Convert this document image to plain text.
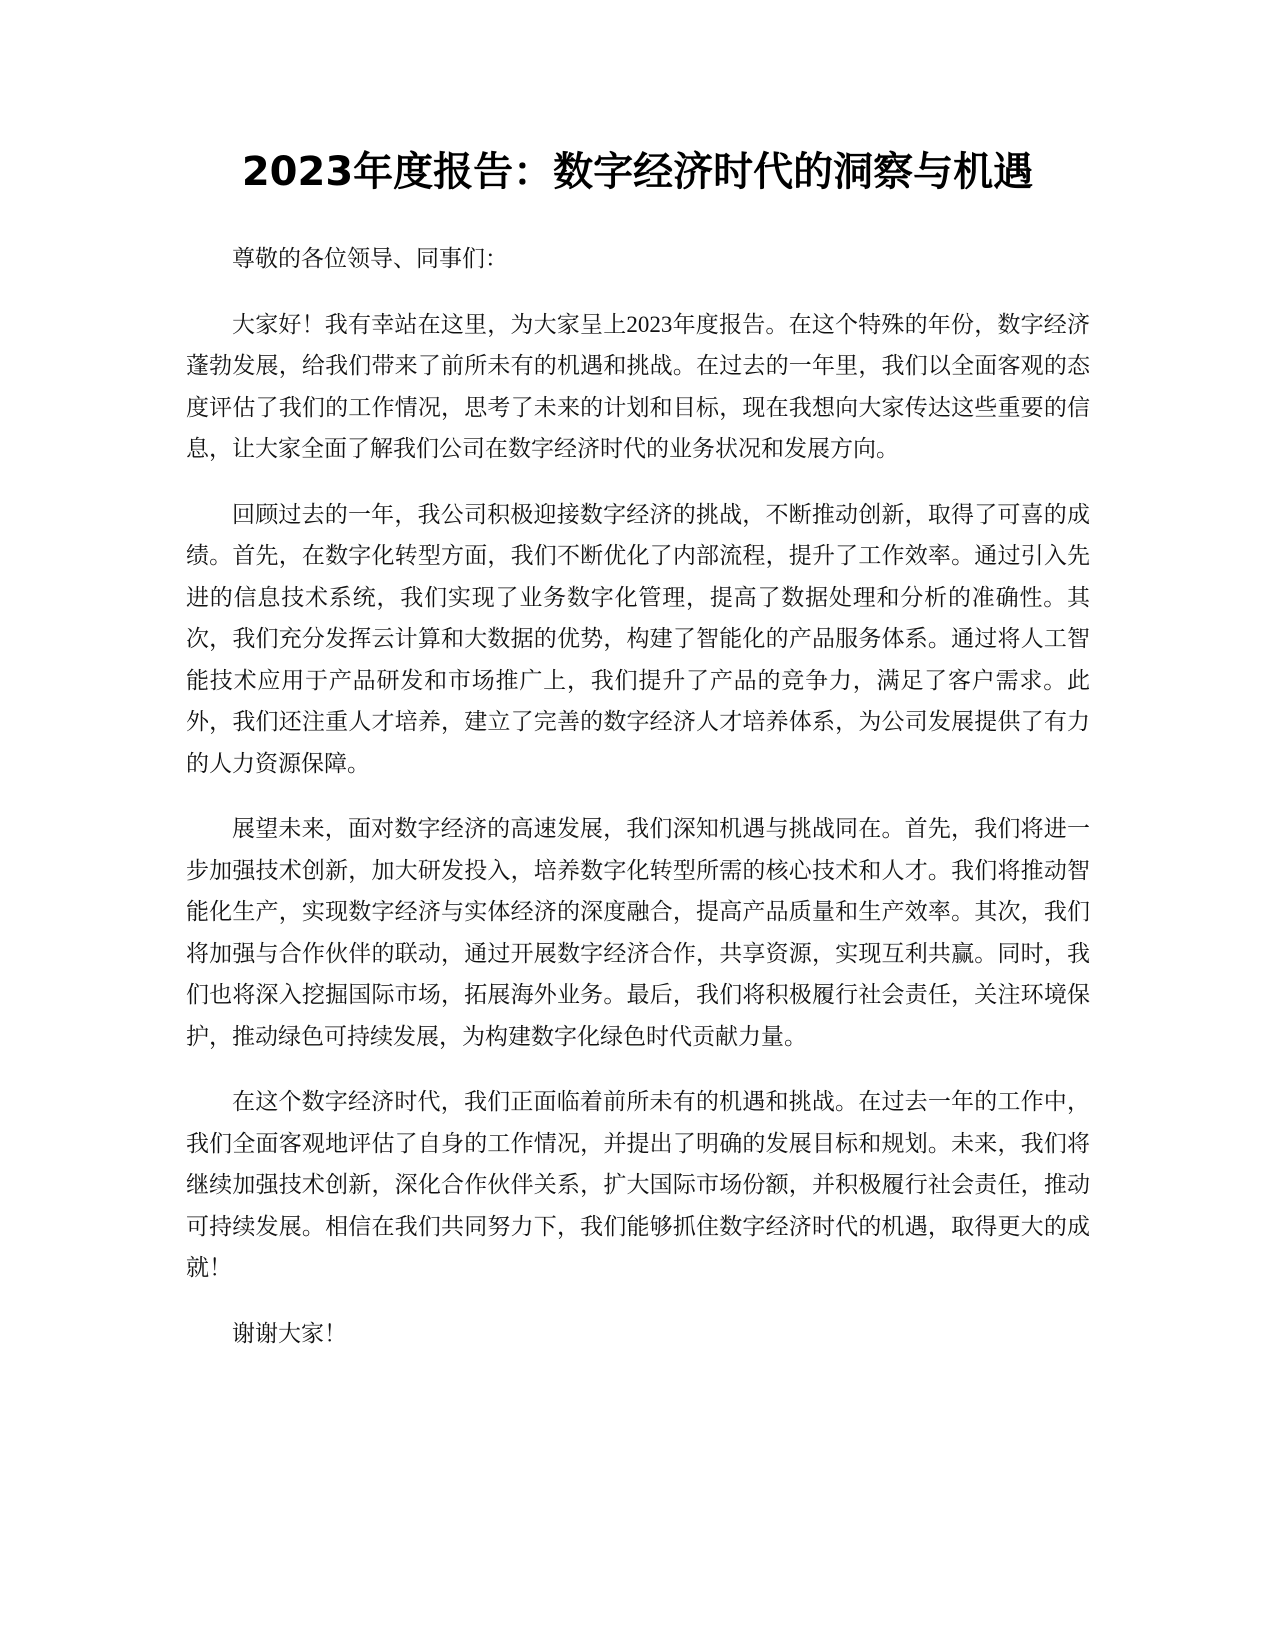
2023年度报告：数字经济时代的洞察与机遇

尊敬的各位领导、同事们：

大家好！我有幸站在这里，为大家呈上2023年度报告。在这个特殊的年份，数字经济蓬勃发展，给我们带来了前所未有的机遇和挑战。在过去的一年里，我们以全面客观的态度评估了我们的工作情况，思考了未来的计划和目标，现在我想向大家传达这些重要的信息，让大家全面了解我们公司在数字经济时代的业务状况和发展方向。

回顾过去的一年，我公司积极迎接数字经济的挑战，不断推动创新，取得了可喜的成绩。首先，在数字化转型方面，我们不断优化了内部流程，提升了工作效率。通过引入先进的信息技术系统，我们实现了业务数字化管理，提高了数据处理和分析的准确性。其次，我们充分发挥云计算和大数据的优势，构建了智能化的产品服务体系。通过将人工智能技术应用于产品研发和市场推广上，我们提升了产品的竞争力，满足了客户需求。此外，我们还注重人才培养，建立了完善的数字经济人才培养体系，为公司发展提供了有力的人力资源保障。

展望未来，面对数字经济的高速发展，我们深知机遇与挑战同在。首先，我们将进一步加强技术创新，加大研发投入，培养数字化转型所需的核心技术和人才。我们将推动智能化生产，实现数字经济与实体经济的深度融合，提高产品质量和生产效率。其次，我们将加强与合作伙伴的联动，通过开展数字经济合作，共享资源，实现互利共赢。同时，我们也将深入挖掘国际市场，拓展海外业务。最后，我们将积极履行社会责任，关注环境保护，推动绿色可持续发展，为构建数字化绿色时代贡献力量。

在这个数字经济时代，我们正面临着前所未有的机遇和挑战。在过去一年的工作中，我们全面客观地评估了自身的工作情况，并提出了明确的发展目标和规划。未来，我们将继续加强技术创新，深化合作伙伴关系，扩大国际市场份额，并积极履行社会责任，推动可持续发展。相信在我们共同努力下，我们能够抓住数字经济时代的机遇，取得更大的成就！

谢谢大家！
